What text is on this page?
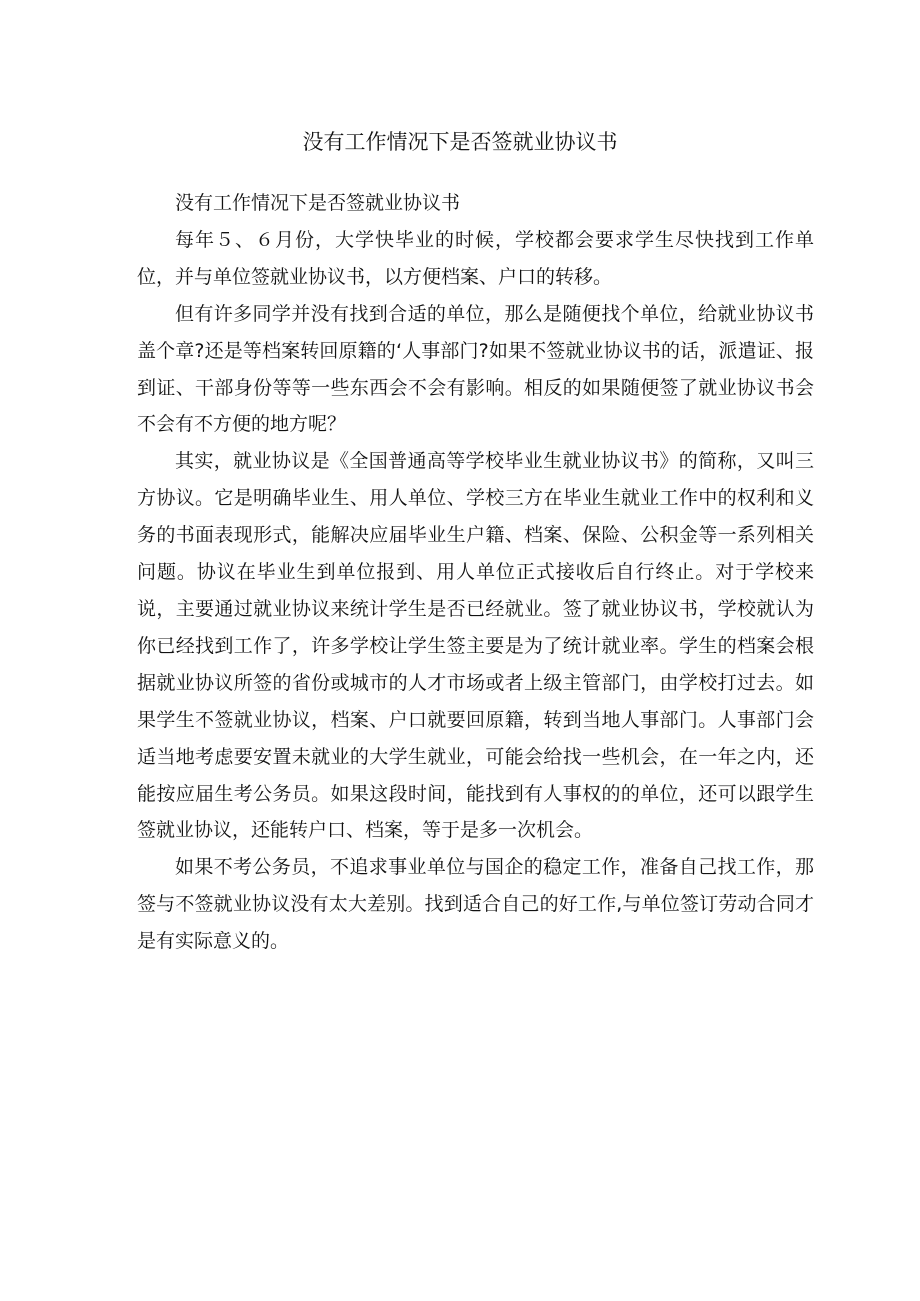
没有工作情况下是否签就业协议书

没有工作情况下是否签就业协议书

每年５、６月份，大学快毕业的时候，学校都会要求学生尽快找到工作单位，并与单位签就业协议书，以方便档案、户口的转移。

但有许多同学并没有找到合适的单位，那么是随便找个单位，给就业协议书盖个章?还是等档案转回原籍的‘人事部门?如果不签就业协议书的话，派遣证、报到证、干部身份等等一些东西会不会有影响。相反的如果随便签了就业协议书会不会有不方便的地方呢？

其实，就业协议是《全国普通高等学校毕业生就业协议书》的简称，又叫三方协议。它是明确毕业生、用人单位、学校三方在毕业生就业工作中的权利和义务的书面表现形式，能解决应届毕业生户籍、档案、保险、公积金等一系列相关问题。协议在毕业生到单位报到、用人单位正式接收后自行终止。对于学校来说，主要通过就业协议来统计学生是否已经就业。签了就业协议书，学校就认为你已经找到工作了，许多学校让学生签主要是为了统计就业率。学生的档案会根据就业协议所签的省份或城市的人才市场或者上级主管部门，由学校打过去。如果学生不签就业协议，档案、户口就要回原籍，转到当地人事部门。人事部门会适当地考虑要安置未就业的大学生就业，可能会给找一些机会，在一年之内，还能按应届生考公务员。如果这段时间，能找到有人事权的的单位，还可以跟学生签就业协议，还能转户口、档案，等于是多一次机会。

如果不考公务员，不追求事业单位与国企的稳定工作，准备自己找工作，那签与不签就业协议没有太大差别。找到适合自己的好工作,与单位签订劳动合同才是有实际意义的。
